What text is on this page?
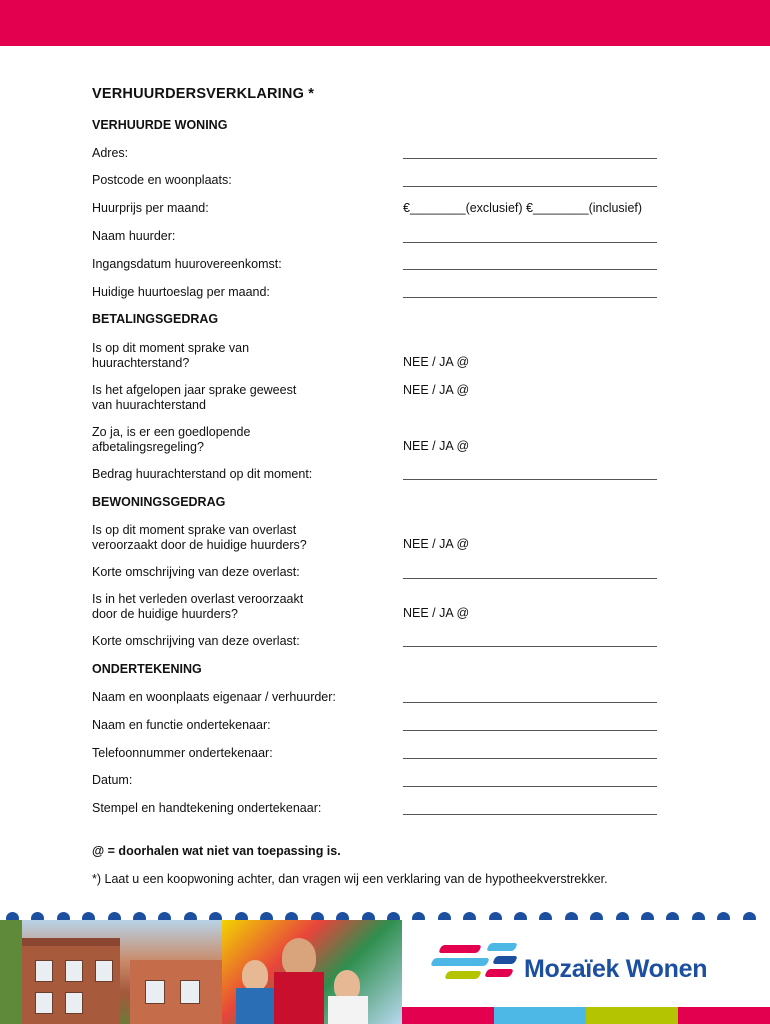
VERHUURDERSVERKLARING *
VERHUURDE WONING
Adres:
Postcode en woonplaats:
Huurprijs per maand:	€________(exclusief) €________(inclusief)
Naam huurder:
Ingangsdatum huurovereenkomst:
Huidige huurtoeslag per maand:
BETALINGSGEDRAG
Is op dit moment sprake van
huurachterstand?	NEE / JA @
Is het afgelopen jaar sprake geweest
van huurachterstand
NEE / JA @
Zo ja, is er een goedlopende
afbetalingsregeling?	NEE / JA @
Bedrag huurachterstand op dit moment:
BEWONINGSGEDRAG
Is op dit moment sprake van overlast
veroorzaakt door de huidige huurders?	NEE / JA @
Korte omschrijving van deze overlast:
Is in het verleden overlast veroorzaakt
door de huidige huurders?	NEE / JA @
Korte omschrijving van deze overlast:
ONDERTEKENING
Naam en woonplaats eigenaar / verhuurder:
Naam en functie ondertekenaar:
Telefoonnummer ondertekenaar:
Datum:
Stempel en handtekening ondertekenaar:
@ = doorhalen wat niet van toepassing is.
*) Laat u een koopwoning achter, dan vragen wij een verklaring van de hypotheekverstrekker.
Mozaïek Wonen
